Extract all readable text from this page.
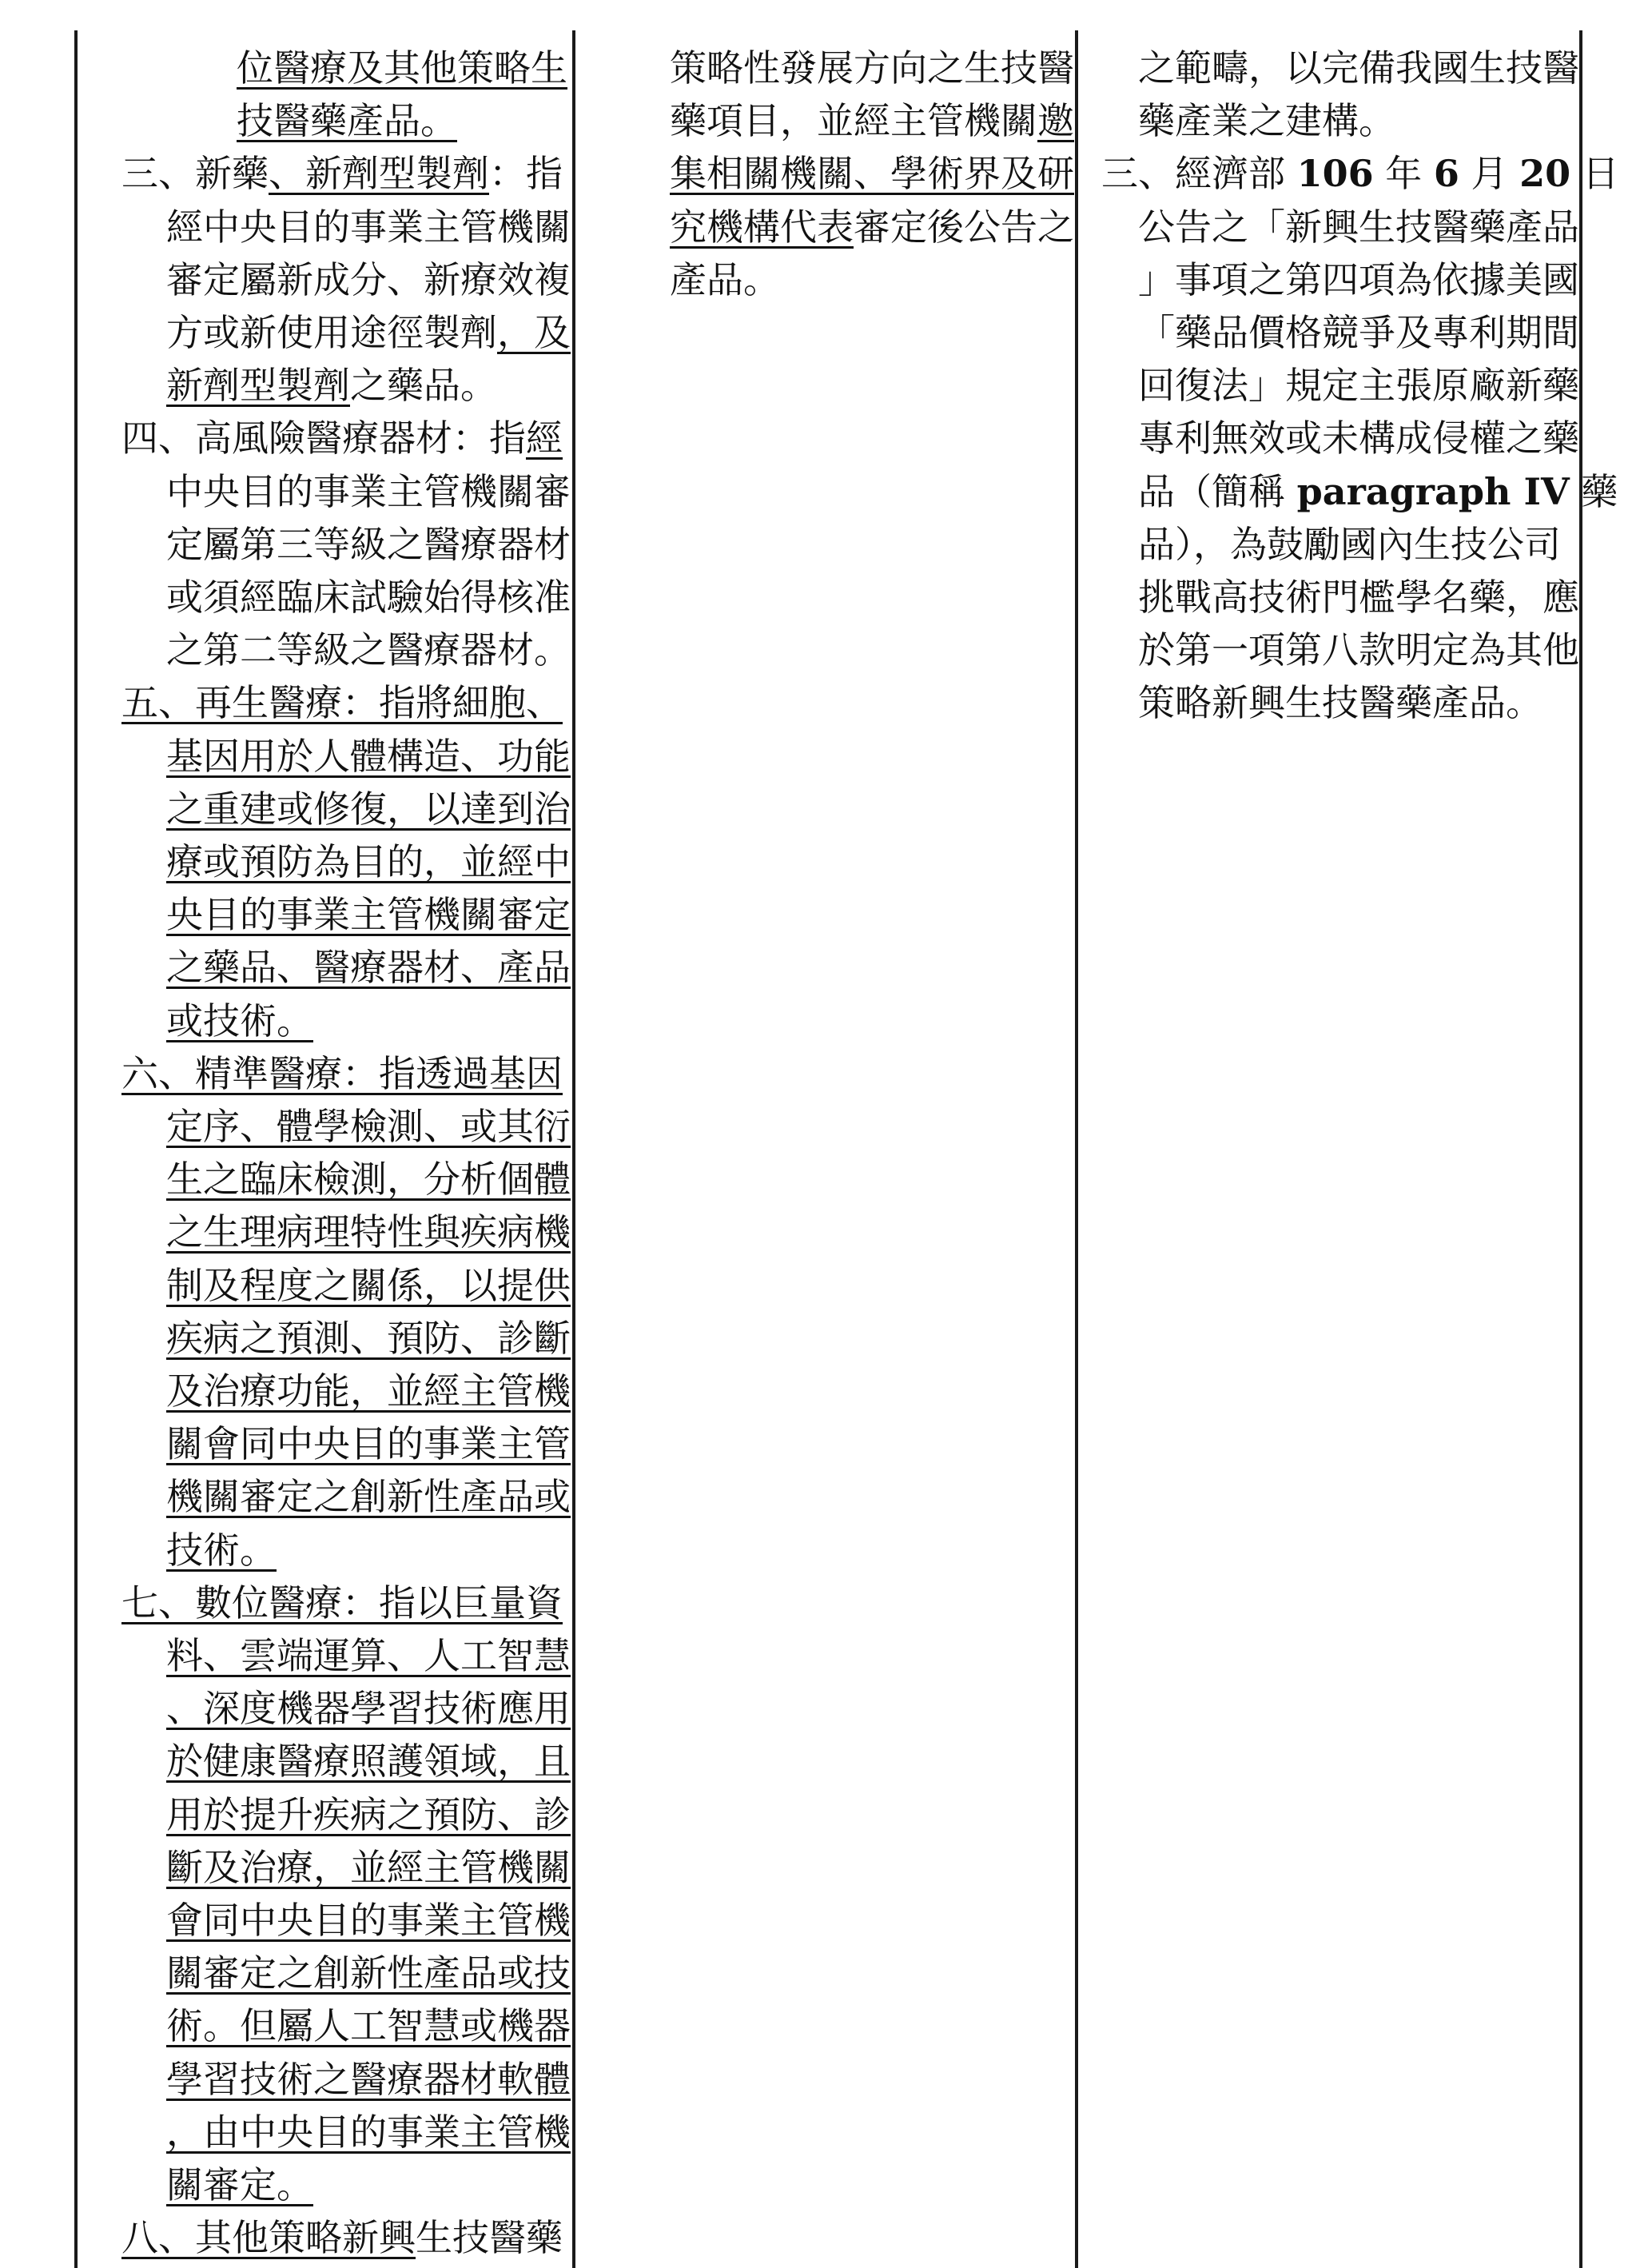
位醫療及其他策略生
技醫藥產品。
三、新藥、新劑型製劑：指
經中央目的事業主管機關
審定屬新成分、新療效複
方或新使用途徑製劑，及
新劑型製劑之藥品。
四、高風險醫療器材：指經
中央目的事業主管機關審
定屬第三等級之醫療器材
或須經臨床試驗始得核准
之第二等級之醫療器材。
五、再生醫療：指將細胞、
基因用於人體構造、功能
之重建或修復，以達到治
療或預防為目的，並經中
央目的事業主管機關審定
之藥品、醫療器材、產品
或技術。
六、精準醫療：指透過基因
定序、體學檢測、或其衍
生之臨床檢測，分析個體
之生理病理特性與疾病機
制及程度之關係，以提供
疾病之預測、預防、診斷
及治療功能，並經主管機
關會同中央目的事業主管
機關審定之創新性產品或
技術。
七、數位醫療：指以巨量資
料、雲端運算、人工智慧
、深度機器學習技術應用
於健康醫療照護領域，且
用於提升疾病之預防、診
斷及治療，並經主管機關
會同中央目的事業主管機
關審定之創新性產品或技
術。但屬人工智慧或機器
學習技術之醫療器材軟體
，由中央目的事業主管機
關審定。
八、其他策略新興生技醫藥
策略性發展方向之生技醫
藥項目，並經主管機關邀
集相關機關、學術界及研
究機構代表審定後公告之
產品。
之範疇，以完備我國生技醫
藥產業之建構。
三、經濟部 106 年 6 月 20 日
公告之「新興生技醫藥產品
」事項之第四項為依據美國
「藥品價格競爭及專利期間
回復法」規定主張原廠新藥
專利無效或未構成侵權之藥
品（簡稱 paragraph IV 藥
品），為鼓勵國內生技公司
挑戰高技術門檻學名藥，應
於第一項第八款明定為其他
策略新興生技醫藥產品。
